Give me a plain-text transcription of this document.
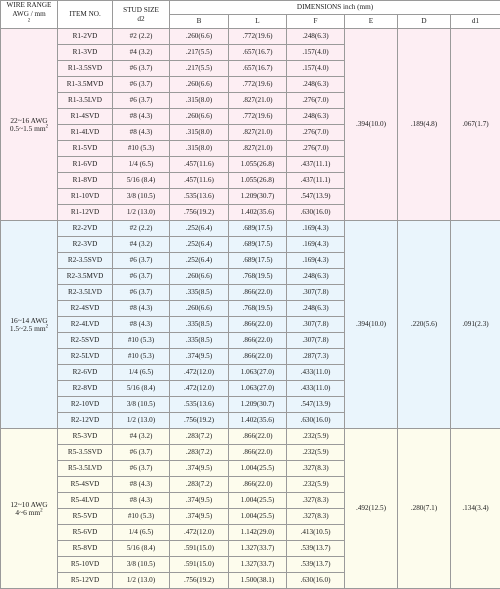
WIRE RANGE
AWG / mm
$^2$	ITEM NO.	STUD SIZE
d2	DIMENSIONS inch (mm)					
			B	L	F	E	D	d1

22~16 AWG
0.5~1.5 $mm^2$	R1-2VD	#2 (2.2)	.260(6.6)	.772(19.6)	.248(6.3)	.394(10.0)	.189(4.8)	.067(1.7)
	R1-3VD	#4 (3.2)	.217(5.5)	.657(16.7)	.157(4.0)			
	R1-3.5SVD	#6 (3.7)	.217(5.5)	.657(16.7)	.157(4.0)			
	R1-3.5MVD	#6 (3.7)	.260(6.6)	.772(19.6)	.248(6.3)			
	R1-3.5LVD	#6 (3.7)	.315(8.0)	.827(21.0)	.276(7.0)			
	R1-4SVD	#8 (4.3)	.260(6.6)	.772(19.6)	.248(6.3)			
	R1-4LVD	#8 (4.3)	.315(8.0)	.827(21.0)	.276(7.0)			
	R1-5VD	#10 (5.3)	.315(8.0)	.827(21.0)	.276(7.0)			
	R1-6VD	1/4 (6.5)	.457(11.6)	1.055(26.8)	.437(11.1)			
	R1-8VD	5/16 (8.4)	.457(11.6)	1.055(26.8)	.437(11.1)			
	R1-10VD	3/8 (10.5)	.535(13.6)	1.209(30.7)	.547(13.9)			
	R1-12VD	1/2 (13.0)	.756(19.2)	1.402(35.6)	.630(16.0)			

16~14 AWG
1.5~2.5 $mm^2$	R2-2VD	#2 (2.2)	.252(6.4)	.689(17.5)	.169(4.3)	.394(10.0)	.220(5.6)	.091(2.3)
	R2-3VD	#4 (3.2)	.252(6.4)	.689(17.5)	.169(4.3)			
	R2-3.5SVD	#6 (3.7)	.252(6.4)	.689(17.5)	.169(4.3)			
	R2-3.5MVD	#6 (3.7)	.260(6.6)	.768(19.5)	.248(6.3)			
	R2-3.5LVD	#6 (3.7)	.335(8.5)	.866(22.0)	.307(7.8)			
	R2-4SVD	#8 (4.3)	.260(6.6)	.768(19.5)	.248(6.3)			
	R2-4LVD	#8 (4.3)	.335(8.5)	.866(22.0)	.307(7.8)			
	R2-5SVD	#10 (5.3)	.335(8.5)	.866(22.0)	.307(7.8)			
	R2-5LVD	#10 (5.3)	.374(9.5)	.866(22.0)	.287(7.3)			
	R2-6VD	1/4 (6.5)	.472(12.0)	1.063(27.0)	.433(11.0)			
	R2-8VD	5/16 (8.4)	.472(12.0)	1.063(27.0)	.433(11.0)			
	R2-10VD	3/8 (10.5)	.535(13.6)	1.209(30.7)	.547(13.9)			
	R2-12VD	1/2 (13.0)	.756(19.2)	1.402(35.6)	.630(16.0)			

12~10 AWG
4~6 $mm^2$	R5-3VD	#4 (3.2)	.283(7.2)	.866(22.0)	.232(5.9)	.492(12.5)	.280(7.1)	.134(3.4)
	R5-3.5SVD	#6 (3.7)	.283(7.2)	.866(22.0)	.232(5.9)			
	R5-3.5LVD	#6 (3.7)	.374(9.5)	1.004(25.5)	.327(8.3)			
	R5-4SVD	#8 (4.3)	.283(7.2)	.866(22.0)	.232(5.9)			
	R5-4LVD	#8 (4.3)	.374(9.5)	1.004(25.5)	.327(8.3)			
	R5-5VD	#10 (5.3)	.374(9.5)	1.004(25.5)	.327(8.3)			
	R5-6VD	1/4 (6.5)	.472(12.0)	1.142(29.0)	.413(10.5)			
	R5-8VD	5/16 (8.4)	.591(15.0)	1.327(33.7)	.539(13.7)			
	R5-10VD	3/8 (10.5)	.591(15.0)	1.327(33.7)	.539(13.7)			
	R5-12VD	1/2 (13.0)	.756(19.2)	1.500(38.1)	.630(16.0)			
